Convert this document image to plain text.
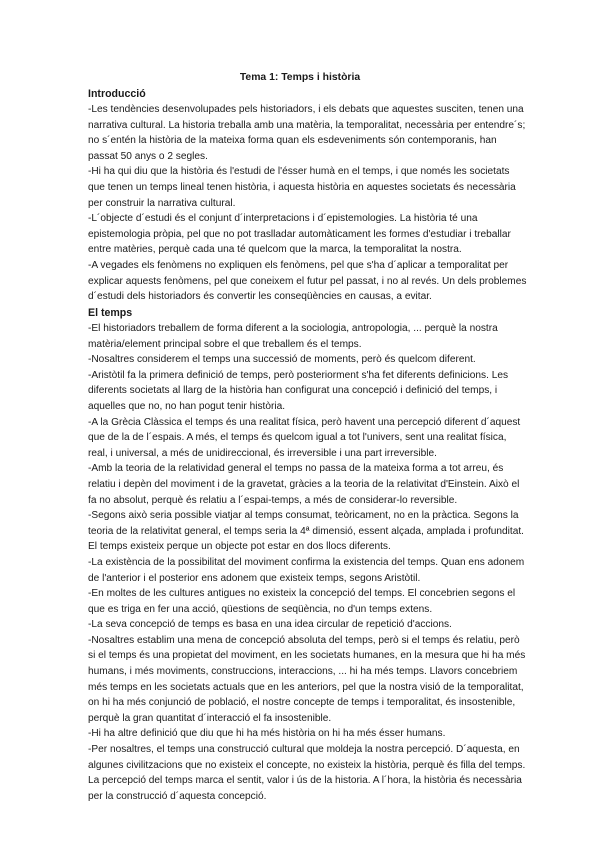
Tema 1: Temps i història

Introducció

-Les tendències desenvolupades pels historiadors, i els debats que aquestes susciten, tenen una narrativa cultural. La historia treballa amb una matèria, la temporalitat, necessària per entendre´s; no s´entén la història de la mateixa forma quan els esdeveniments són contemporanis, han passat 50 anys o 2 segles.

-Hi ha qui diu que la història és l'estudi de l'ésser humà en el temps, i que només les societats que tenen un temps lineal tenen història, i aquesta història en aquestes societats és necessària per construir la narrativa cultural.

-L´objecte d´estudi és el conjunt d´interpretacions i d´epistemologies. La història té una epistemologia pròpia, pel que no pot traslladar automàticament les formes d'estudiar i treballar entre matèries, perquè cada una té quelcom que la marca, la temporalitat la nostra.

-A vegades els fenòmens no expliquen els fenòmens, pel que s'ha d´aplicar a temporalitat per explicar aquests fenòmens, pel que coneixem el futur pel passat, i no al revés. Un dels problemes d´estudi dels historiadors és convertir les conseqüències en causas, a evitar.

El temps

-El historiadors treballem de forma diferent a la sociologia, antropologia, ... perquè la nostra matèria/element principal sobre el que treballem és el temps.

-Nosaltres considerem el temps una successió de moments, però és quelcom diferent.

-Aristòtil fa la primera definició de temps, però posteriorment s'ha fet diferents definicions. Les diferents societats al llarg de la història han configurat una concepció i definició del temps, i aquelles que no, no han pogut tenir història.

-A la Grècia Clàssica el temps és una realitat física, però havent una percepció diferent d´aquest que de la de l´espais. A més, el temps és quelcom igual a tot l'univers, sent una realitat física, real, i universal, a més de unidireccional, és irreversible i una part irreversible.

-Amb la teoria de la relatividad general el temps no passa de la mateixa forma a tot arreu, és relatiu i depèn del moviment i de la gravetat, gràcies a la teoria de la relativitat d'Einstein. Això el fa no absolut, perquè és relatiu a l´espai-temps, a més de considerar-lo reversible.

-Segons això seria possible viatjar al temps consumat, teòricament, no en la pràctica. Segons la teoria de la relativitat general, el temps seria la 4ª dimensió, essent alçada, amplada i profunditat. El temps existeix perque un objecte pot estar en dos llocs diferents.

-La existència de la possibilitat del moviment confirma la existencia del temps. Quan ens adonem de l'anterior i el posterior ens adonem que existeix temps, segons Aristòtil.

-En moltes de les cultures antigues no existeix la concepció del temps. El concebrien segons el que es triga en fer una acció, qüestions de seqüència, no d'un temps extens.

-La seva concepció de temps es basa en una idea circular de repetició d'accions.

-Nosaltres establim una mena de concepció absoluta del temps, però si el temps és relatiu, però si el temps és una propietat del moviment, en les societats humanes, en la mesura que hi ha més humans, i més moviments, construccions, interaccions, ... hi ha més temps. Llavors concebriem més temps en les societats actuals que en les anteriors, pel que la nostra visió de la temporalitat, on hi ha més conjunció de població, el nostre concepte de temps i temporalitat, és insostenible, perquè la gran quantitat d´interacció el fa insostenible.

-Hi ha altre definició que diu que hi ha més història on hi ha més ésser humans.

-Per nosaltres, el temps una construcció cultural que moldeja la nostra percepció. D´aquesta, en algunes civilitzacions que no existeix el concepte, no existeix la història, perquè és filla del temps. La percepció del temps marca el sentit, valor i ús de la historia. A l´hora, la història és necessària per la construcció d´aquesta concepció.
